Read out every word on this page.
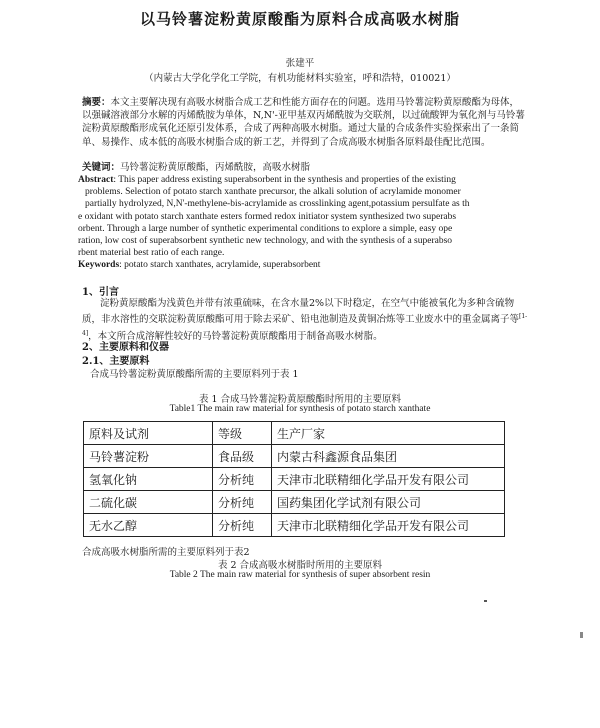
以马铃薯淀粉黄原酸酯为原料合成高吸水树脂
张建平
（内蒙古大学化学化工学院，有机功能材料实验室，呼和浩特，010021）
摘要：本文主要解决现有高吸水树脂合成工艺和性能方面存在的问题。选用马铃薯淀粉黄原酸酯为母体，以强碱溶液部分水解的丙烯酰胺为单体，N,N'-亚甲基双丙烯酰胺为交联剂，以过硫酸钾为氧化剂与马铃薯淀粉黄原酸酯形成氧化还原引发体系，合成了两种高吸水树脂。通过大量的合成条件实验探索出了一条简单、易操作、成本低的高吸水树脂合成的新工艺，并得到了合成高吸水树脂各原料最佳配比范围。
关键词：马铃薯淀粉黄原酸酯，丙烯酰胺，高吸水树脂
Abstract: This paper address existing superabsorbent in the synthesis and properties of the existing
problems. Selection of potato starch xanthate precursor, the alkali solution of acrylamide monomer
partially hydrolyzed, N,N'-methylene-bis-acrylamide as crosslinking agent,potassium persulfate as th
e oxidant with potato starch xanthate esters formed redox initiator system synthesized two superabs
orbent. Through a large number of synthetic experimental conditions to explore a simple, easy ope
ration, low cost of superabsorbent synthetic new technology, and with the synthesis of a superabso
rbent material best ratio of each range.
Keywords: potato starch xanthates, acrylamide, superabsorbent
1、引言
淀粉黄原酸酯为浅黄色并带有浓重硫味，在含水量2%以下时稳定，在空气中能被氧化为多种含硫物质，非水溶性的交联淀粉黄原酸酯可用于除去采矿、铅电池制造及黄铜冶炼等工业废水中的重金属离子等[1-4]，本文所合成溶解性较好的马铃薯淀粉黄原酸酯用于制备高吸水树脂。
2、主要原料和仪器
2.1、主要原料
合成马铃薯淀粉黄原酸酯所需的主要原料列于表 1
表 1 合成马铃薯淀粉黄原酸酯时所用的主要原料
Table1 The main raw material for synthesis of potato starch xanthate
原料及试剂	等级	生产厂家
马铃薯淀粉	食品级	内蒙古科鑫源食品集团
氢氧化钠	分析纯	天津市北联精细化学品开发有限公司
二硫化碳	分析纯	国药集团化学试剂有限公司
无水乙醇	分析纯	天津市北联精细化学品开发有限公司
合成高吸水树脂所需的主要原料列于表2
表 2 合成高吸水树脂时所用的主要原料
Table 2 The main raw material for synthesis of super absorbent resin
